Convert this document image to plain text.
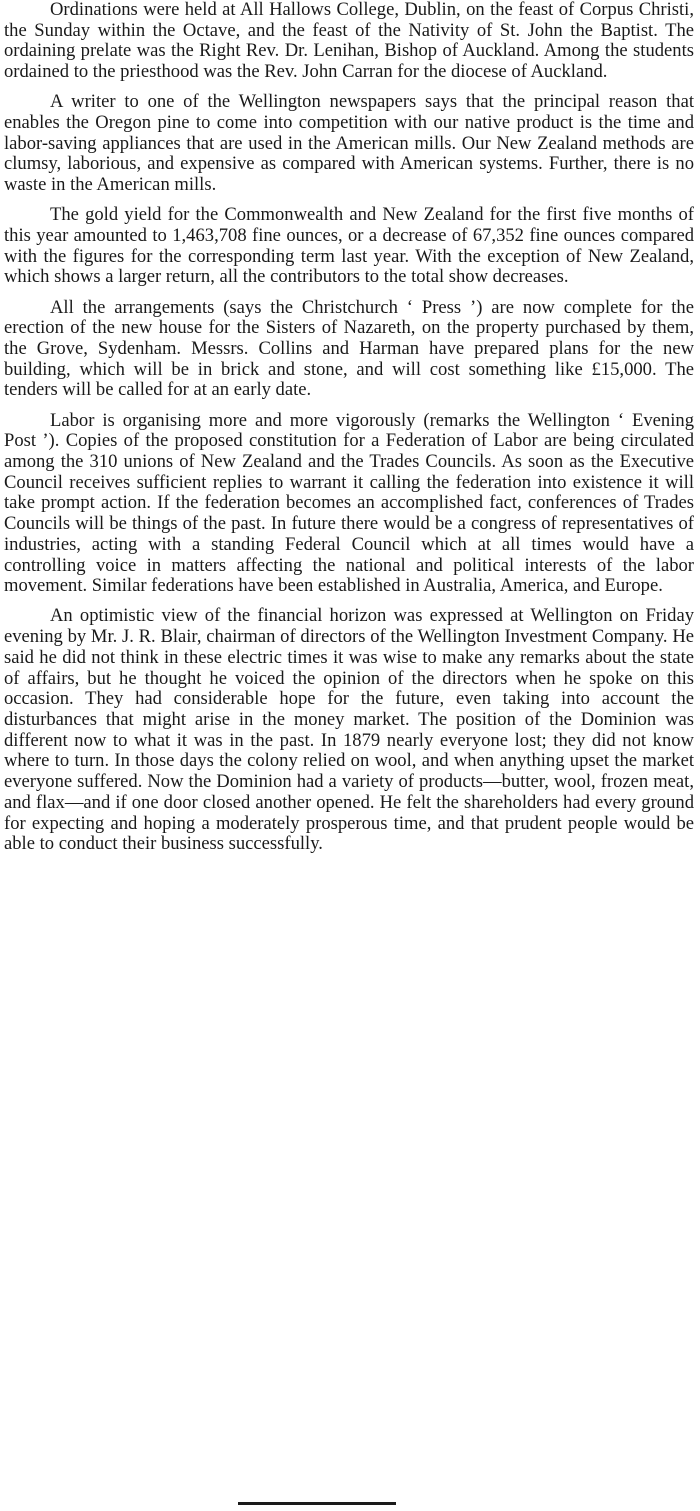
Ordinations were held at All Hallows College, Dublin, on the feast of Corpus Christi, the Sunday within the Octave, and the feast of the Nativity of St. John the Baptist. The ordaining prelate was the Right Rev. Dr. Lenihan, Bishop of Auckland. Among the students ordained to the priesthood was the Rev. John Carran for the diocese of Auckland.

A writer to one of the Wellington newspapers says that the principal reason that enables the Oregon pine to come into competition with our native product is the time and labor-saving appliances that are used in the American mills. Our New Zealand methods are clumsy, laborious, and expensive as compared with American systems. Further, there is no waste in the American mills.

The gold yield for the Commonwealth and New Zealand for the first five months of this year amounted to 1,463,708 fine ounces, or a decrease of 67,352 fine ounces compared with the figures for the corresponding term last year. With the exception of New Zealand, which shows a larger return, all the contributors to the total show decreases.

All the arrangements (says the Christchurch ‘ Press ’) are now complete for the erection of the new house for the Sisters of Nazareth, on the property purchased by them, the Grove, Sydenham. Messrs. Collins and Harman have prepared plans for the new building, which will be in brick and stone, and will cost something like £15,000. The tenders will be called for at an early date.

Labor is organising more and more vigorously (remarks the Wellington ‘ Evening Post ’). Copies of the proposed constitution for a Federation of Labor are being circulated among the 310 unions of New Zealand and the Trades Councils. As soon as the Executive Council receives sufficient replies to warrant it calling the federation into existence it will take prompt action. If the federation becomes an accomplished fact, conferences of Trades Councils will be things of the past. In future there would be a congress of representatives of industries, acting with a standing Federal Council which at all times would have a controlling voice in matters affecting the national and political interests of the labor movement. Similar federations have been established in Australia, America, and Europe.

An optimistic view of the financial horizon was expressed at Wellington on Friday evening by Mr. J. R. Blair, chairman of directors of the Wellington Investment Company. He said he did not think in these electric times it was wise to make any remarks about the state of affairs, but he thought he voiced the opinion of the directors when he spoke on this occasion. They had considerable hope for the future, even taking into account the disturbances that might arise in the money market. The position of the Dominion was different now to what it was in the past. In 1879 nearly everyone lost; they did not know where to turn. In those days the colony relied on wool, and when anything upset the market everyone suffered. Now the Dominion had a variety of products—butter, wool, frozen meat, and flax—and if one door closed another opened. He felt the shareholders had every ground for expecting and hoping a moderately prosperous time, and that prudent people would be able to conduct their business successfully.
